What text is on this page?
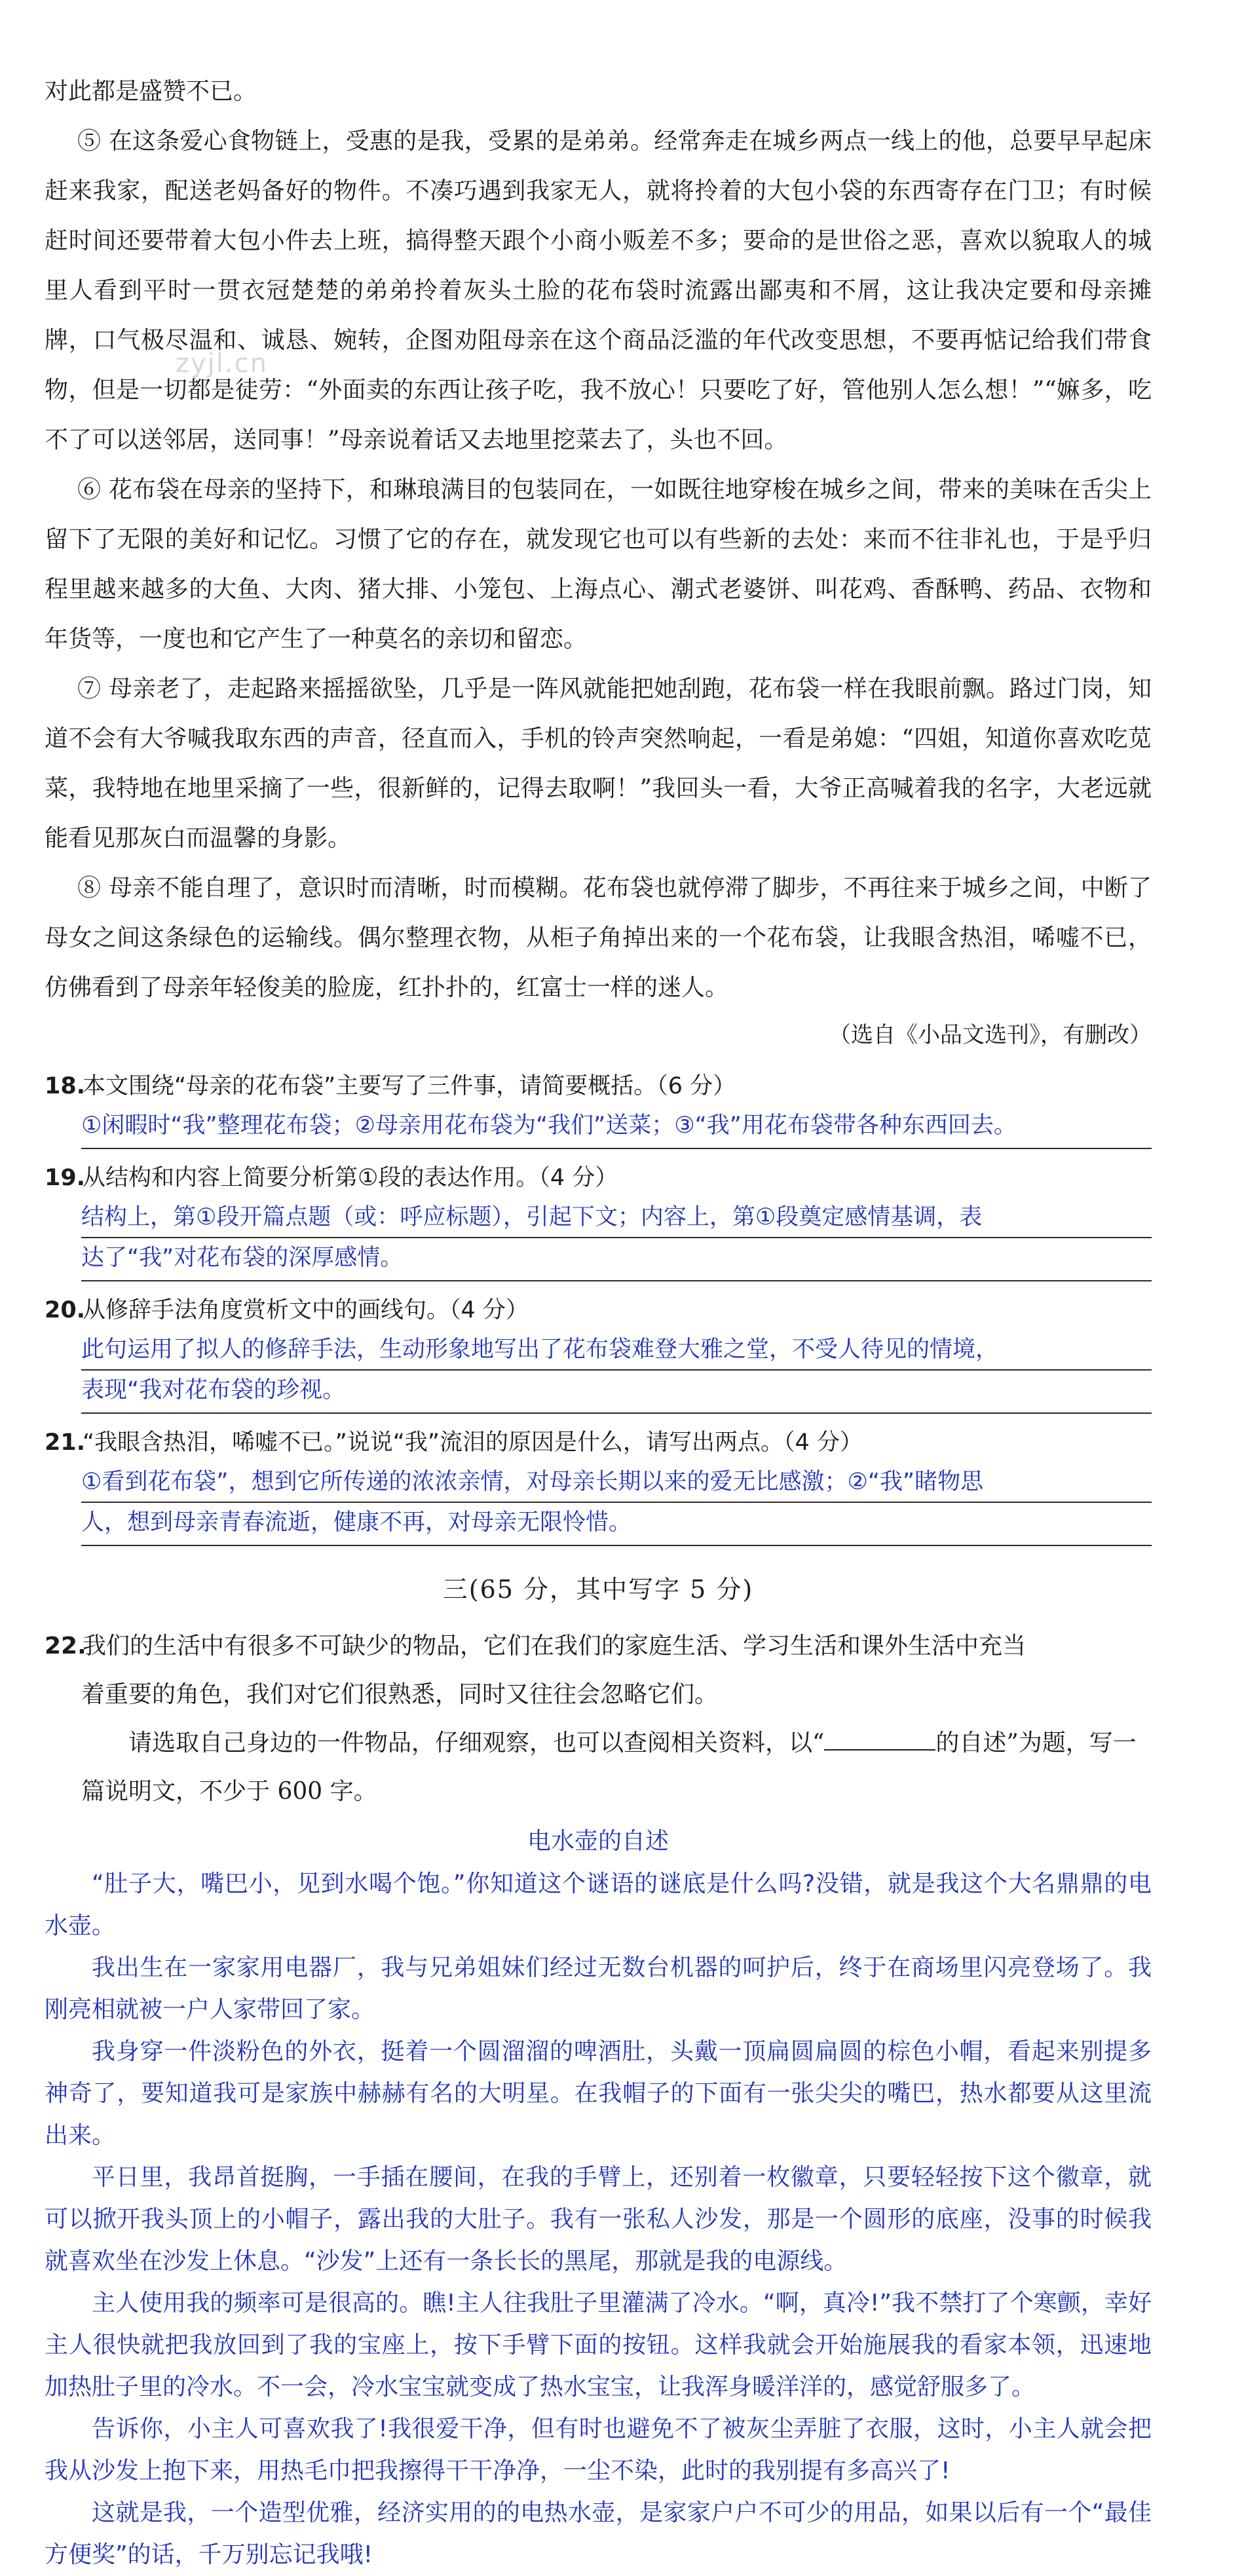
zyjl.cn

对此都是盛赞不已。

⑤ 在这条爱心食物链上，受惠的是我，受累的是弟弟。经常奔走在城乡两点一线上的他，总要早早起床赶来我家，配送老妈备好的物件。不凑巧遇到我家无人，就将拎着的大包小袋的东西寄存在门卫；有时候赶时间还要带着大包小件去上班，搞得整天跟个小商小贩差不多；要命的是世俗之恶，喜欢以貌取人的城里人看到平时一贯衣冠楚楚的弟弟拎着灰头土脸的花布袋时流露出鄙夷和不屑，这让我决定要和母亲摊牌，口气极尽温和、诚恳、婉转，企图劝阻母亲在这个商品泛滥的年代改变思想，不要再惦记给我们带食物，但是一切都是徒劳：“外面卖的东西让孩子吃，我不放心！只要吃了好，管他别人怎么想！”“嫲多，吃不了可以送邻居，送同事！”母亲说着话又去地里挖菜去了，头也不回。

⑥ 花布袋在母亲的坚持下，和琳琅满目的包装同在，一如既往地穿梭在城乡之间，带来的美味在舌尖上留下了无限的美好和记忆。习惯了它的存在，就发现它也可以有些新的去处：来而不往非礼也，于是乎归程里越来越多的大鱼、大肉、猪大排、小笼包、上海点心、潮式老婆饼、叫花鸡、香酥鸭、药品、衣物和年货等，一度也和它产生了一种莫名的亲切和留恋。

⑦ 母亲老了，走起路来摇摇欲坠，几乎是一阵风就能把她刮跑，花布袋一样在我眼前飘。路过门岗，知道不会有大爷喊我取东西的声音，径直而入，手机的铃声突然响起，一看是弟媳：“四姐，知道你喜欢吃苋菜，我特地在地里采摘了一些，很新鲜的，记得去取啊！”我回头一看，大爷正高喊着我的名字，大老远就能看见那灰白而温馨的身影。

⑧ 母亲不能自理了，意识时而清晰，时而模糊。花布袋也就停滞了脚步，不再往来于城乡之间，中断了母女之间这条绿色的运输线。偶尔整理衣物，从柜子角掉出来的一个花布袋，让我眼含热泪，唏嘘不已，仿佛看到了母亲年轻俊美的脸庞，红扑扑的，红富士一样的迷人。

（选自《小品文选刊》，有删改）

18.本文围绕“母亲的花布袋”主要写了三件事，请简要概括。（6 分）
①闲暇时“我”整理花布袋；②母亲用花布袋为“我们”送菜；③“我”用花布袋带各种东西回去。
19.从结构和内容上简要分析第①段的表达作用。（4 分）
结构上，第①段开篇点题（或：呼应标题），引起下文；内容上，第①段奠定感情基调，表
达了“我”对花布袋的深厚感情。
20.从修辞手法角度赏析文中的画线句。（4 分）
此句运用了拟人的修辞手法，生动形象地写出了花布袋难登大雅之堂，不受人待见的情境，
表现“我对花布袋的珍视。
21.“我眼含热泪，唏嘘不已。”说说“我”流泪的原因是什么，请写出两点。（4 分）
①看到花布袋”，想到它所传递的浓浓亲情，对母亲长期以来的爱无比感激；②“我”睹物思
人，想到母亲青春流逝，健康不再，对母亲无限怜惜。
三(65 分，其中写字 5 分)

22.我们的生活中有很多不可缺少的物品，它们在我们的家庭生活、学习生活和课外生活中充当

着重要的角色，我们对它们很熟悉，同时又往往会忽略它们。

请选取自己身边的一件物品，仔细观察，也可以查阅相关资料，以“	的自述”为题，写一篇说明文，不少于 600 字。

电水壶的自述

“肚子大，嘴巴小，见到水喝个饱。”你知道这个谜语的谜底是什么吗?没错，就是我这个大名鼎鼎的电水壶。

我出生在一家家用电器厂，我与兄弟姐妹们经过无数台机器的呵护后，终于在商场里闪亮登场了。我刚亮相就被一户人家带回了家。

我身穿一件淡粉色的外衣，挺着一个圆溜溜的啤酒肚，头戴一顶扁圆扁圆的棕色小帽，看起来别提多神奇了，要知道我可是家族中赫赫有名的大明星。在我帽子的下面有一张尖尖的嘴巴，热水都要从这里流出来。

平日里，我昂首挺胸，一手插在腰间，在我的手臂上，还别着一枚徽章，只要轻轻按下这个徽章，就可以掀开我头顶上的小帽子，露出我的大肚子。我有一张私人沙发，那是一个圆形的底座，没事的时候我就喜欢坐在沙发上休息。“沙发”上还有一条长长的黑尾，那就是我的电源线。

主人使用我的频率可是很高的。瞧!主人往我肚子里灌满了冷水。“啊，真冷!”我不禁打了个寒颤，幸好主人很快就把我放回到了我的宝座上，按下手臂下面的按钮。这样我就会开始施展我的看家本领，迅速地加热肚子里的冷水。不一会，冷水宝宝就变成了热水宝宝，让我浑身暖洋洋的，感觉舒服多了。

告诉你，小主人可喜欢我了!我很爱干净，但有时也避免不了被灰尘弄脏了衣服，这时，小主人就会把我从沙发上抱下来，用热毛巾把我擦得干干净净，一尘不染，此时的我别提有多高兴了!

这就是我，一个造型优雅，经济实用的的电热水壶，是家家户户不可少的用品，如果以后有一个“最佳方便奖”的话，千万别忘记我哦!
